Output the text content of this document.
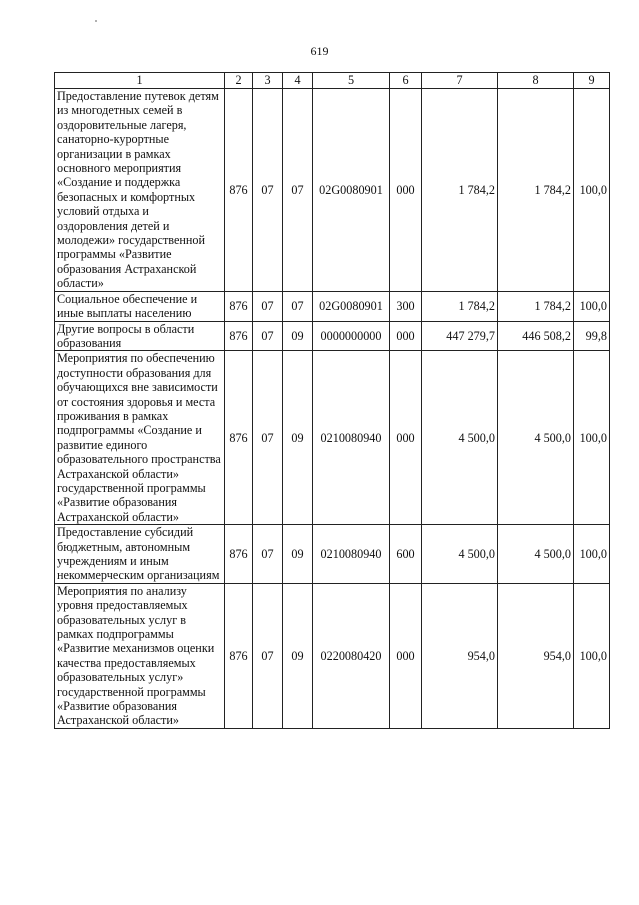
619
1	2	3	4	5	6	7	8	9
Предоставление путевок детям из многодетных семей в оздоровительные лагеря, санаторно-курортные организации в рамках основного мероприятия «Создание и поддержка безопасных и комфортных условий отдыха и оздоровления детей и молодежи» государственной программы «Развитие образования Астраханской области»	876	07	07	02G0080901	000	1 784,2	1 784,2	100,0
Социальное обеспечение и иные выплаты населению	876	07	07	02G0080901	300	1 784,2	1 784,2	100,0
Другие вопросы в области образования	876	07	09	0000000000	000	447 279,7	446 508,2	99,8
Мероприятия по обеспечению доступности образования для обучающихся вне зависимости от состояния здоровья и места проживания в рамках подпрограммы «Создание и развитие единого образовательного пространства Астраханской области» государственной программы «Развитие образования Астраханской области»	876	07	09	0210080940	000	4 500,0	4 500,0	100,0
Предоставление субсидий бюджетным, автономным учреждениям и иным некоммерческим организациям	876	07	09	0210080940	600	4 500,0	4 500,0	100,0
Мероприятия по анализу уровня предоставляемых образовательных услуг в рамках подпрограммы «Развитие механизмов оценки качества предоставляемых образовательных услуг» государственной программы «Развитие образования Астраханской области»	876	07	09	0220080420	000	954,0	954,0	100,0
